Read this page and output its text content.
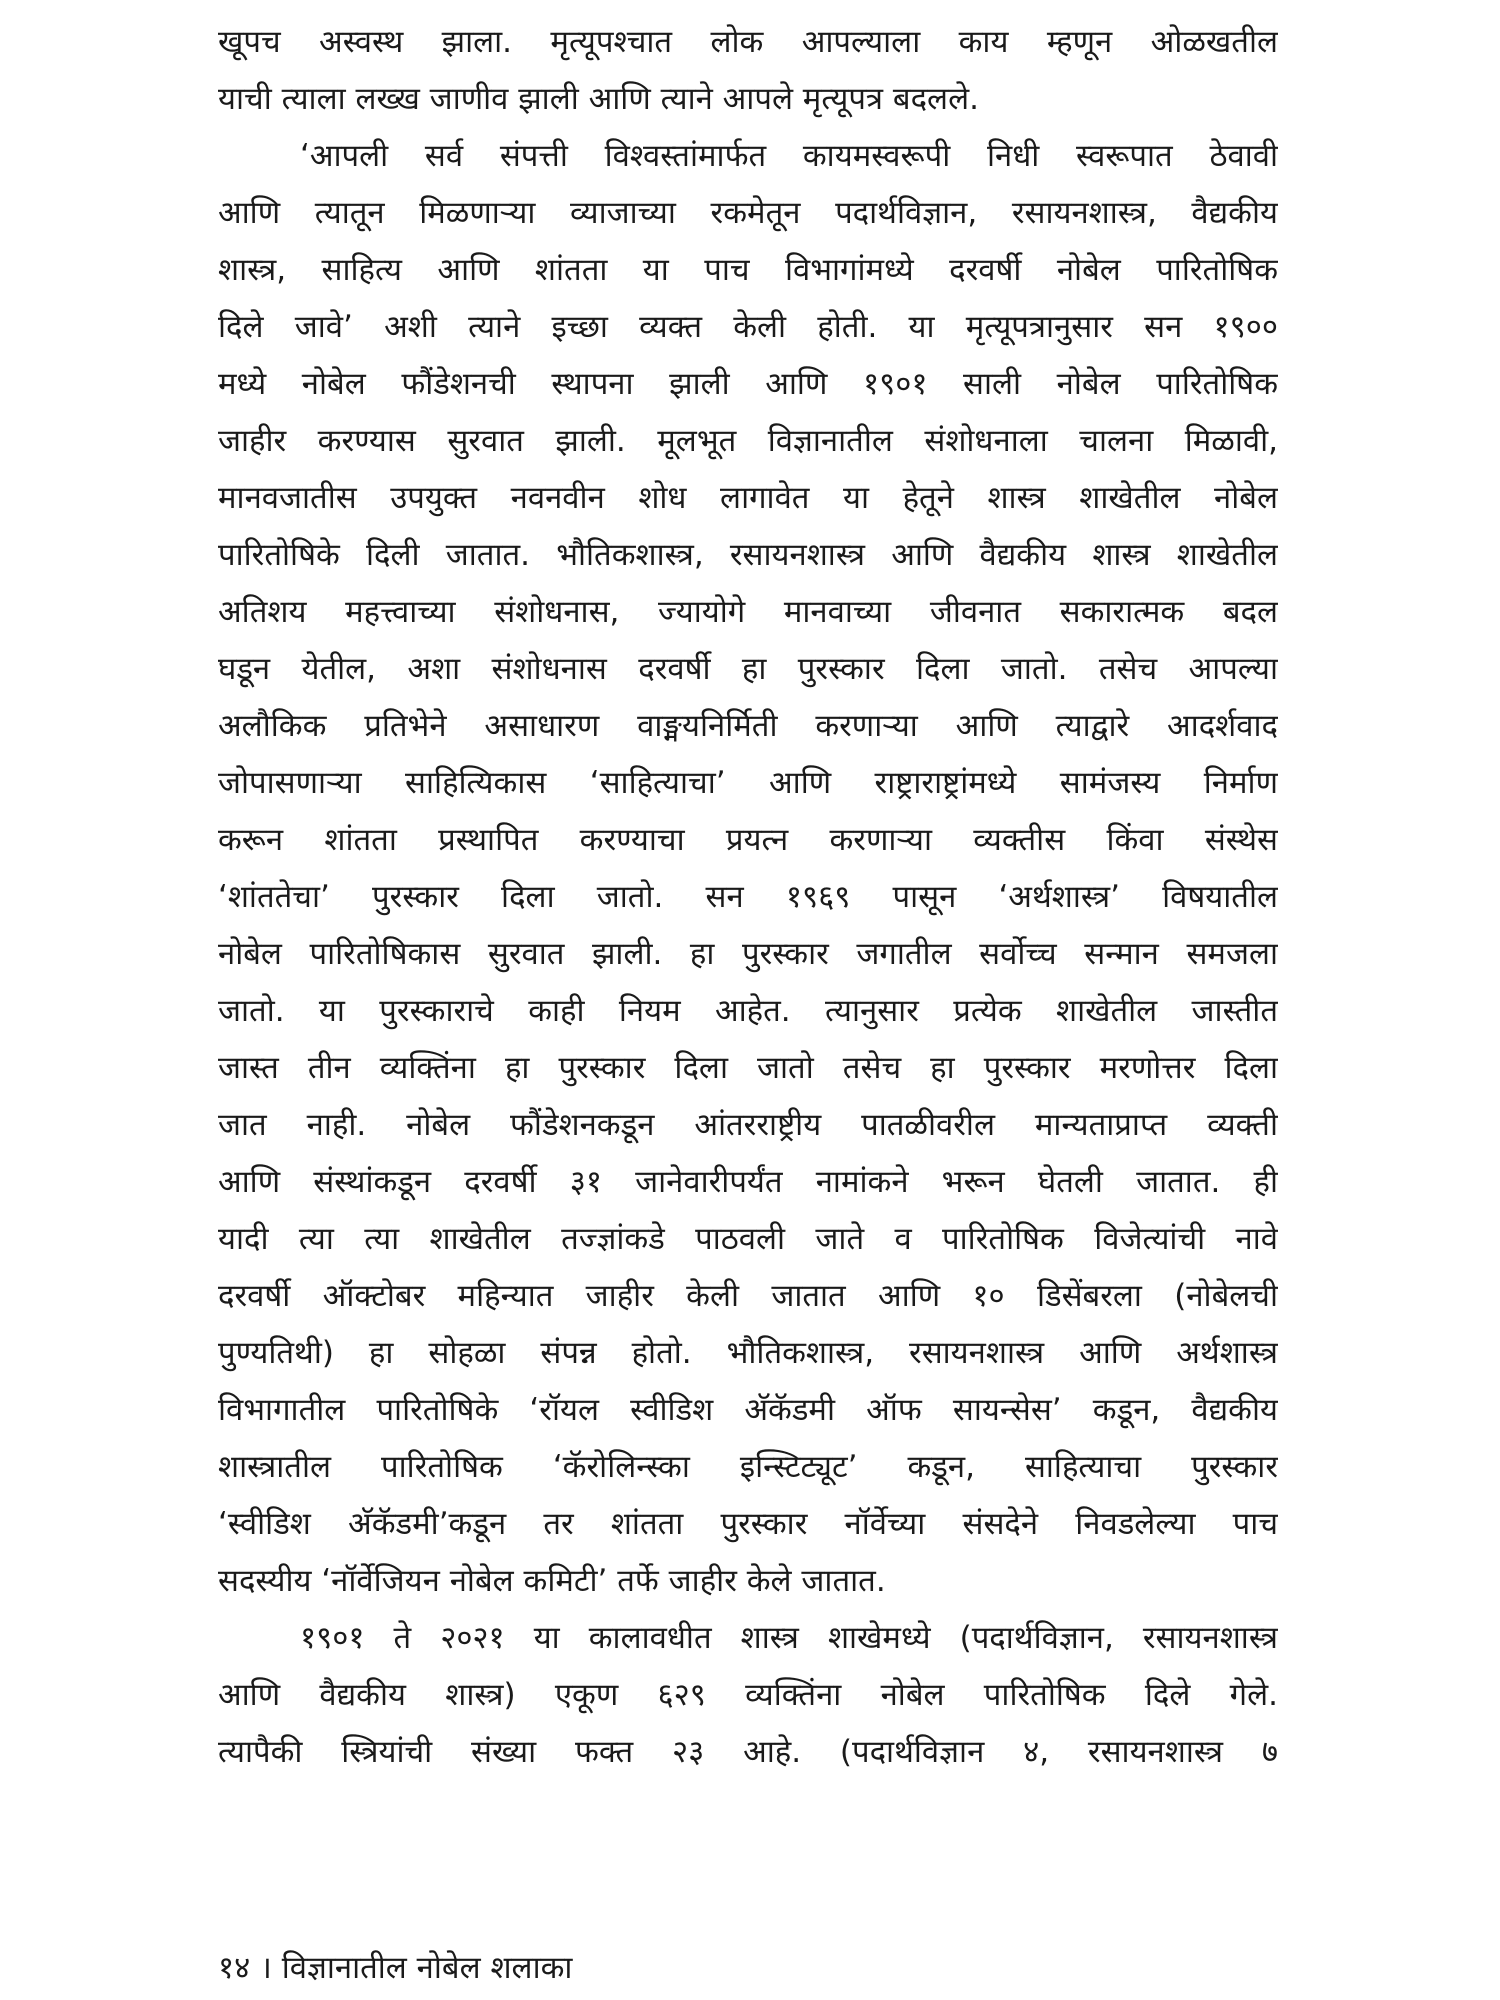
खूपच अस्वस्थ झाला. मृत्यूपश्चात लोक आपल्याला काय म्हणून ओळखतील
याची त्याला लख्ख जाणीव झाली आणि त्याने आपले मृत्यूपत्र बदलले.
‘आपली सर्व संपत्ती विश्वस्तांमार्फत कायमस्वरूपी निधी स्वरूपात ठेवावी
आणि त्यातून मिळणाऱ्या व्याजाच्या रकमेतून पदार्थविज्ञान, रसायनशास्त्र, वैद्यकीय
शास्त्र, साहित्य आणि शांतता या पाच विभागांमध्ये दरवर्षी नोबेल पारितोषिक
दिले जावे’ अशी त्याने इच्छा व्यक्त केली होती. या मृत्यूपत्रानुसार सन १९००
मध्ये नोबेल फौंडेशनची स्थापना झाली आणि १९०१ साली नोबेल पारितोषिक
जाहीर करण्यास सुरवात झाली. मूलभूत विज्ञानातील संशोधनाला चालना मिळावी,
मानवजातीस उपयुक्त नवनवीन शोध लागावेत या हेतूने शास्त्र शाखेतील नोबेल
पारितोषिके दिली जातात. भौतिकशास्त्र, रसायनशास्त्र आणि वैद्यकीय शास्त्र शाखेतील
अतिशय महत्त्वाच्या संशोधनास, ज्यायोगे मानवाच्या जीवनात सकारात्मक बदल
घडून येतील, अशा संशोधनास दरवर्षी हा पुरस्कार दिला जातो. तसेच आपल्या
अलौकिक प्रतिभेने असाधारण वाङ्मयनिर्मिती करणाऱ्या आणि त्याद्वारे आदर्शवाद
जोपासणाऱ्या साहित्यिकास ‘साहित्याचा’ आणि राष्ट्राराष्ट्रांमध्ये सामंजस्य निर्माण
करून शांतता प्रस्थापित करण्याचा प्रयत्न करणाऱ्या व्यक्तीस किंवा संस्थेस
‘शांततेचा’ पुरस्कार दिला जातो. सन १९६९ पासून ‘अर्थशास्त्र’ विषयातील
नोबेल पारितोषिकास सुरवात झाली. हा पुरस्कार जगातील सर्वोच्च सन्मान समजला
जातो. या पुरस्काराचे काही नियम आहेत. त्यानुसार प्रत्येक शाखेतील जास्तीत
जास्त तीन व्यक्तिंना हा पुरस्कार दिला जातो तसेच हा पुरस्कार मरणोत्तर दिला
जात नाही. नोबेल फौंडेशनकडून आंतरराष्ट्रीय पातळीवरील मान्यताप्राप्त व्यक्ती
आणि संस्थांकडून दरवर्षी ३१ जानेवारीपर्यंत नामांकने भरून घेतली जातात. ही
यादी त्या त्या शाखेतील तज्ज्ञांकडे पाठवली जाते व पारितोषिक विजेत्यांची नावे
दरवर्षी ऑक्टोबर महिन्यात जाहीर केली जातात आणि १० डिसेंबरला (नोबेलची
पुण्यतिथी) हा सोहळा संपन्न होतो. भौतिकशास्त्र, रसायनशास्त्र आणि अर्थशास्त्र
विभागातील पारितोषिके ‘रॉयल स्वीडिश अ‍ॅकॅडमी ऑफ सायन्सेस’ कडून, वैद्यकीय
शास्त्रातील पारितोषिक ‘कॅरोलिन्स्का इन्स्टिट्यूट’ कडून, साहित्याचा पुरस्कार
‘स्वीडिश अ‍ॅकॅडमी’कडून तर शांतता पुरस्कार नॉर्वेच्या संसदेने निवडलेल्या पाच
सदस्यीय ‘नॉर्वेजियन नोबेल कमिटी’ तर्फे जाहीर केले जातात.
१९०१ ते २०२१ या कालावधीत शास्त्र शाखेमध्ये (पदार्थविज्ञान, रसायनशास्त्र
आणि वैद्यकीय शास्त्र) एकूण ६२९ व्यक्तिंना नोबेल पारितोषिक दिले गेले.
त्यापैकी स्त्रियांची संख्या फक्त २३ आहे. (पदार्थविज्ञान ४, रसायनशास्त्र ७
१४ । विज्ञानातील नोबेल शलाका
